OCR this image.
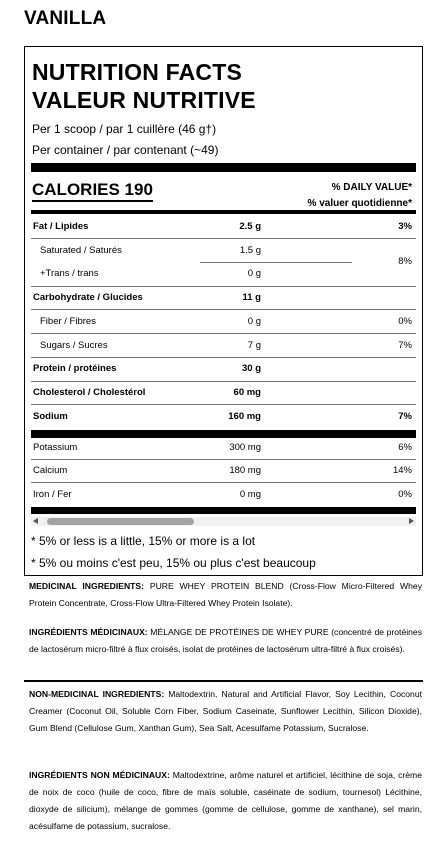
VANILLA
NUTRITION FACTS
VALEUR NUTRITIVE
Per 1 scoop / par 1 cuillère (46 g†)
Per container / par contenant (~49)
CALORIES 190	% DAILY VALUE*
% valuer quotidienne*
Fat / Lipides	2.5 g	3%
Saturated / Saturés	1.5 g
+Trans / trans	0 g
8%
Carbohydrate / Glucides	11 g
Fiber / Fibres	0 g	0%
Sugars / Sucres	7 g	7%
Protein / protéines	30 g
Cholesterol / Cholestérol	60 mg
Sodium	160 mg	7%
Potassium	300 mg	6%
Calcium	180 mg	14%
Iron / Fer	0 mg	0%
* 5% or less is a little, 15% or more is a lot
* 5% ou moins c'est peu, 15% ou plus c'est beaucoup
MEDICINAL INGREDIENTS: PURE WHEY PROTEIN BLEND (Cross-Flow Micro-Filtered Whey Protein Concentrate, Cross-Flow Ultra-Filtered Whey Protein Isolate).
INGRÉDIENTS MÉDICINAUX: MÉLANGE DE PROTÉINES DE WHEY PURE (concentré de protéines de lactosérum micro-filtré à flux croisés, isolat de protéines de lactosérum ultra-filtré à flux croisés).
NON-MEDICINAL INGREDIENTS: Maltodextrin, Natural and Artificial Flavor, Soy Lecithin, Coconut Creamer (Coconut Oil, Soluble Corn Fiber, Sodium Caseinate, Sunflower Lecithin, Silicon Dioxide), Gum Blend (Cellulose Gum, Xanthan Gum), Sea Salt, Acesulfame Potassium, Sucralose.
INGRÉDIENTS NON MÉDICINAUX: Maltodextrine, arôme naturel et artificiel, lécithine de soja, crème de noix de coco (huile de coco, fibre de maïs soluble, caséinate de sodium, tournesol) Lécithine, dioxyde de silicium), mélange de gommes (gomme de cellulose, gomme de xanthane), sel marin, acésulfame de potassium, sucralose.
